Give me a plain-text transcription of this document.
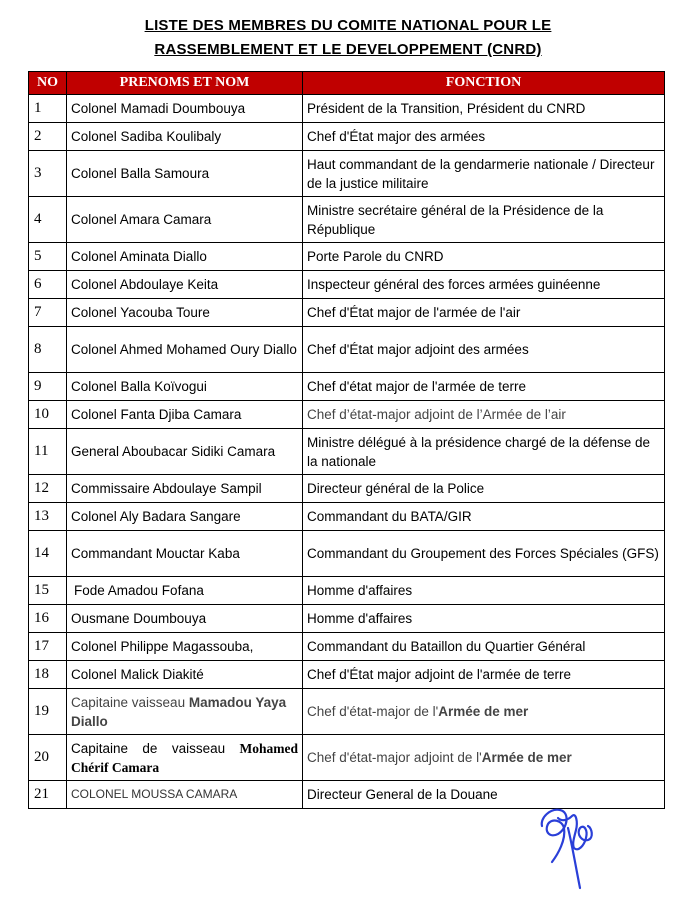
LISTE DES MEMBRES DU COMITE NATIONAL POUR LE
RASSEMBLEMENT ET LE DEVELOPPEMENT (CNRD)
NO	PRENOMS ET NOM	FONCTION
1	Colonel Mamadi Doumbouya	Président de la Transition, Président du CNRD
2	Colonel Sadiba Koulibaly	Chef d'État major des armées
3	Colonel Balla Samoura	Haut commandant de la gendarmerie nationale / Directeur de la justice militaire
4	Colonel Amara Camara	Ministre secrétaire général de la Présidence de la République
5	Colonel Aminata Diallo	Porte Parole du CNRD
6	Colonel Abdoulaye Keita	Inspecteur général des forces armées guinéenne
7	Colonel Yacouba Toure	Chef d'État major de l'armée de l'air
8	Colonel Ahmed Mohamed Oury Diallo	Chef d'État major adjoint des armées
9	Colonel Balla Koïvogui	Chef d'état major de l'armée de terre
10	Colonel Fanta Djiba Camara	Chef d’état-major adjoint de l’Armée de l’air
11	General Aboubacar Sidiki Camara	Ministre délégué à la présidence chargé de la défense de la nationale
12	Commissaire Abdoulaye Sampil	Directeur général de la Police
13	Colonel Aly Badara Sangare	Commandant du BATA/GIR
14	Commandant Mouctar Kaba	Commandant du Groupement des Forces Spéciales (GFS)
15	Fode Amadou Fofana	Homme d'affaires
16	Ousmane Doumbouya	Homme d'affaires
17	Colonel Philippe Magassouba,	Commandant du Bataillon du Quartier Général
18	Colonel Malick Diakité	Chef d'État major adjoint de l'armée de terre
19	Capitaine vaisseau Mamadou Yaya Diallo	Chef d'état-major de l'Armée de mer
20	Capitaine de vaisseau Mohamed Chérif Camara	Chef d'état-major adjoint de l'Armée de mer
21	COLONEL MOUSSA CAMARA	Directeur General de la Douane
